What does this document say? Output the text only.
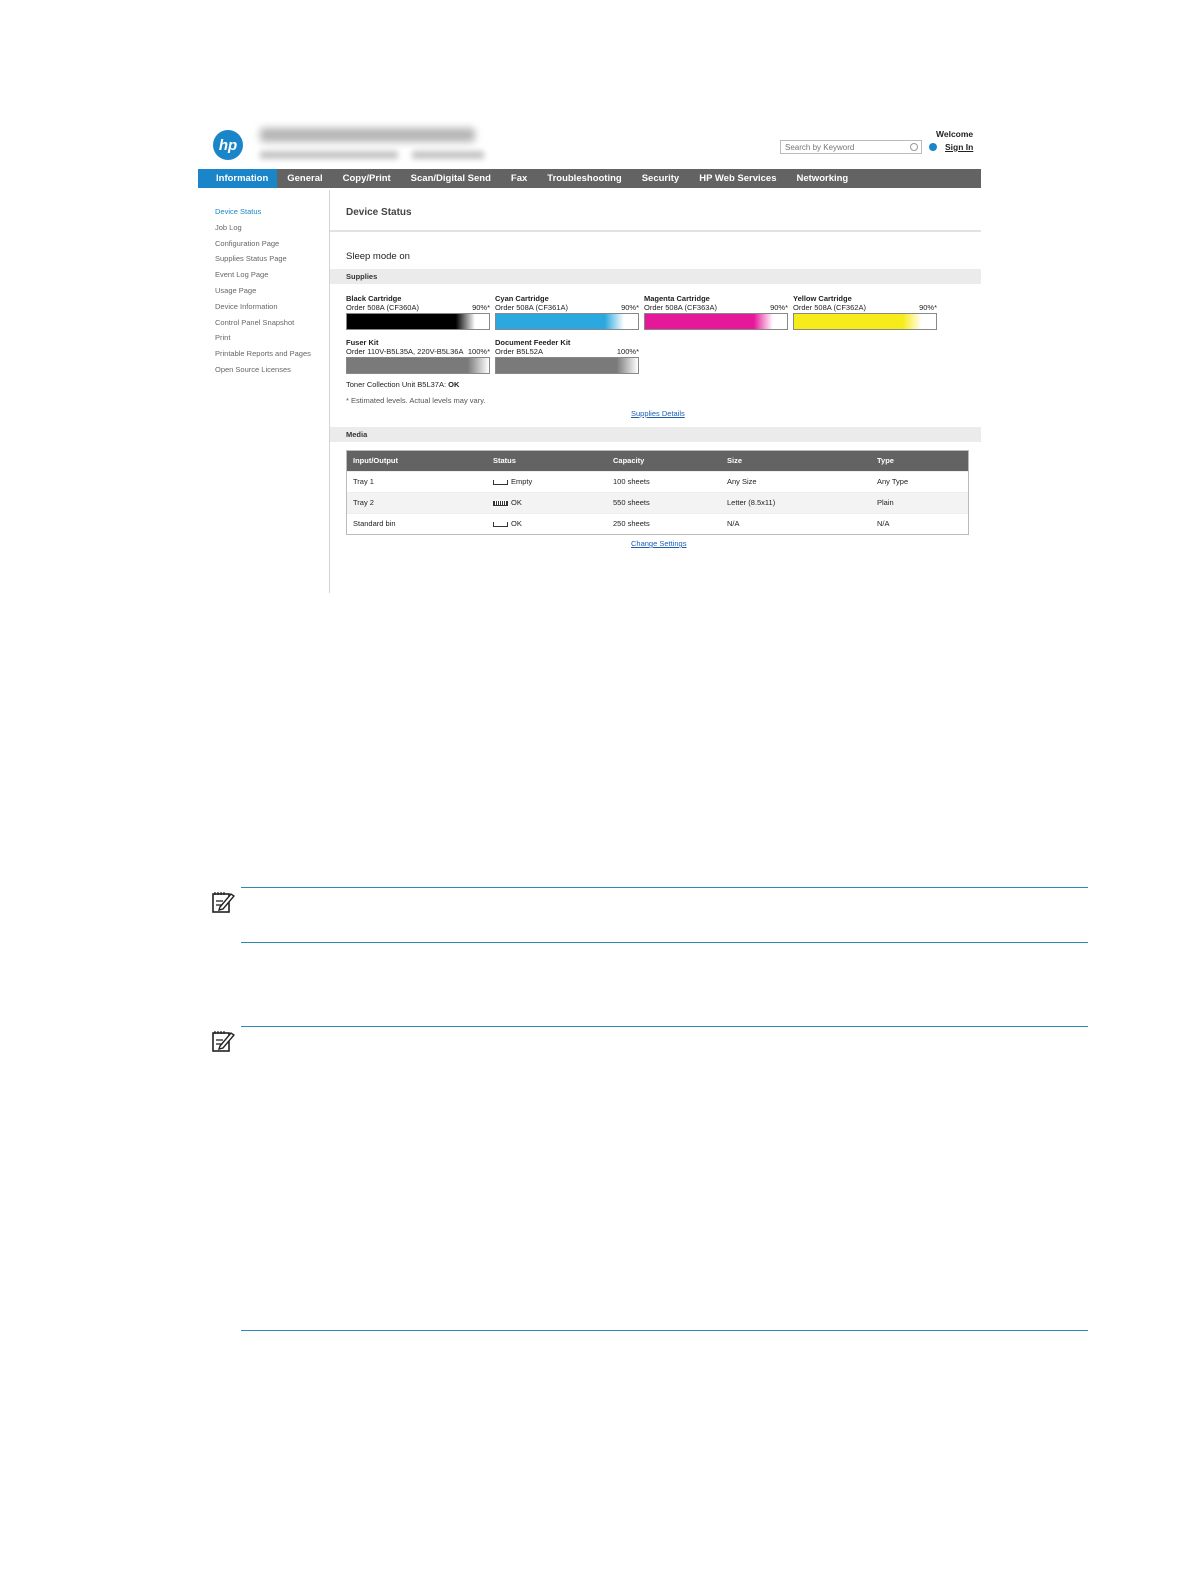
hp
Welcome
Search by Keyword	Sign In
Information	General	Copy/Print	Scan/Digital Send	Fax	Troubleshooting	Security	HP Web Services	Networking
Device Status
Job Log
Configuration Page
Supplies Status Page
Event Log Page
Usage Page
Device Information
Control Panel Snapshot
Print
Printable Reports and Pages
Open Source Licenses
Device Status
Sleep mode on
Supplies
Black Cartridge
Order 508A (CF360A)	90%*
Cyan Cartridge
Order 508A (CF361A)	90%*
Magenta Cartridge
Order 508A (CF363A)	90%*
Yellow Cartridge
Order 508A (CF362A)	90%*
Fuser Kit
Order 110V-B5L35A, 220V-B5L36A 100%*
Document Feeder Kit
Order B5L52A	100%*
Toner Collection Unit B5L37A: OK
* Estimated levels. Actual levels may vary.
Supplies Details
Media
Input/Output	Status	Capacity	Size	Type
Tray 1	Empty	100 sheets	Any Size	Any Type
Tray 2	OK	550 sheets	Letter (8.5x11)	Plain
Standard bin	OK	250 sheets	N/A	N/A
Change Settings
